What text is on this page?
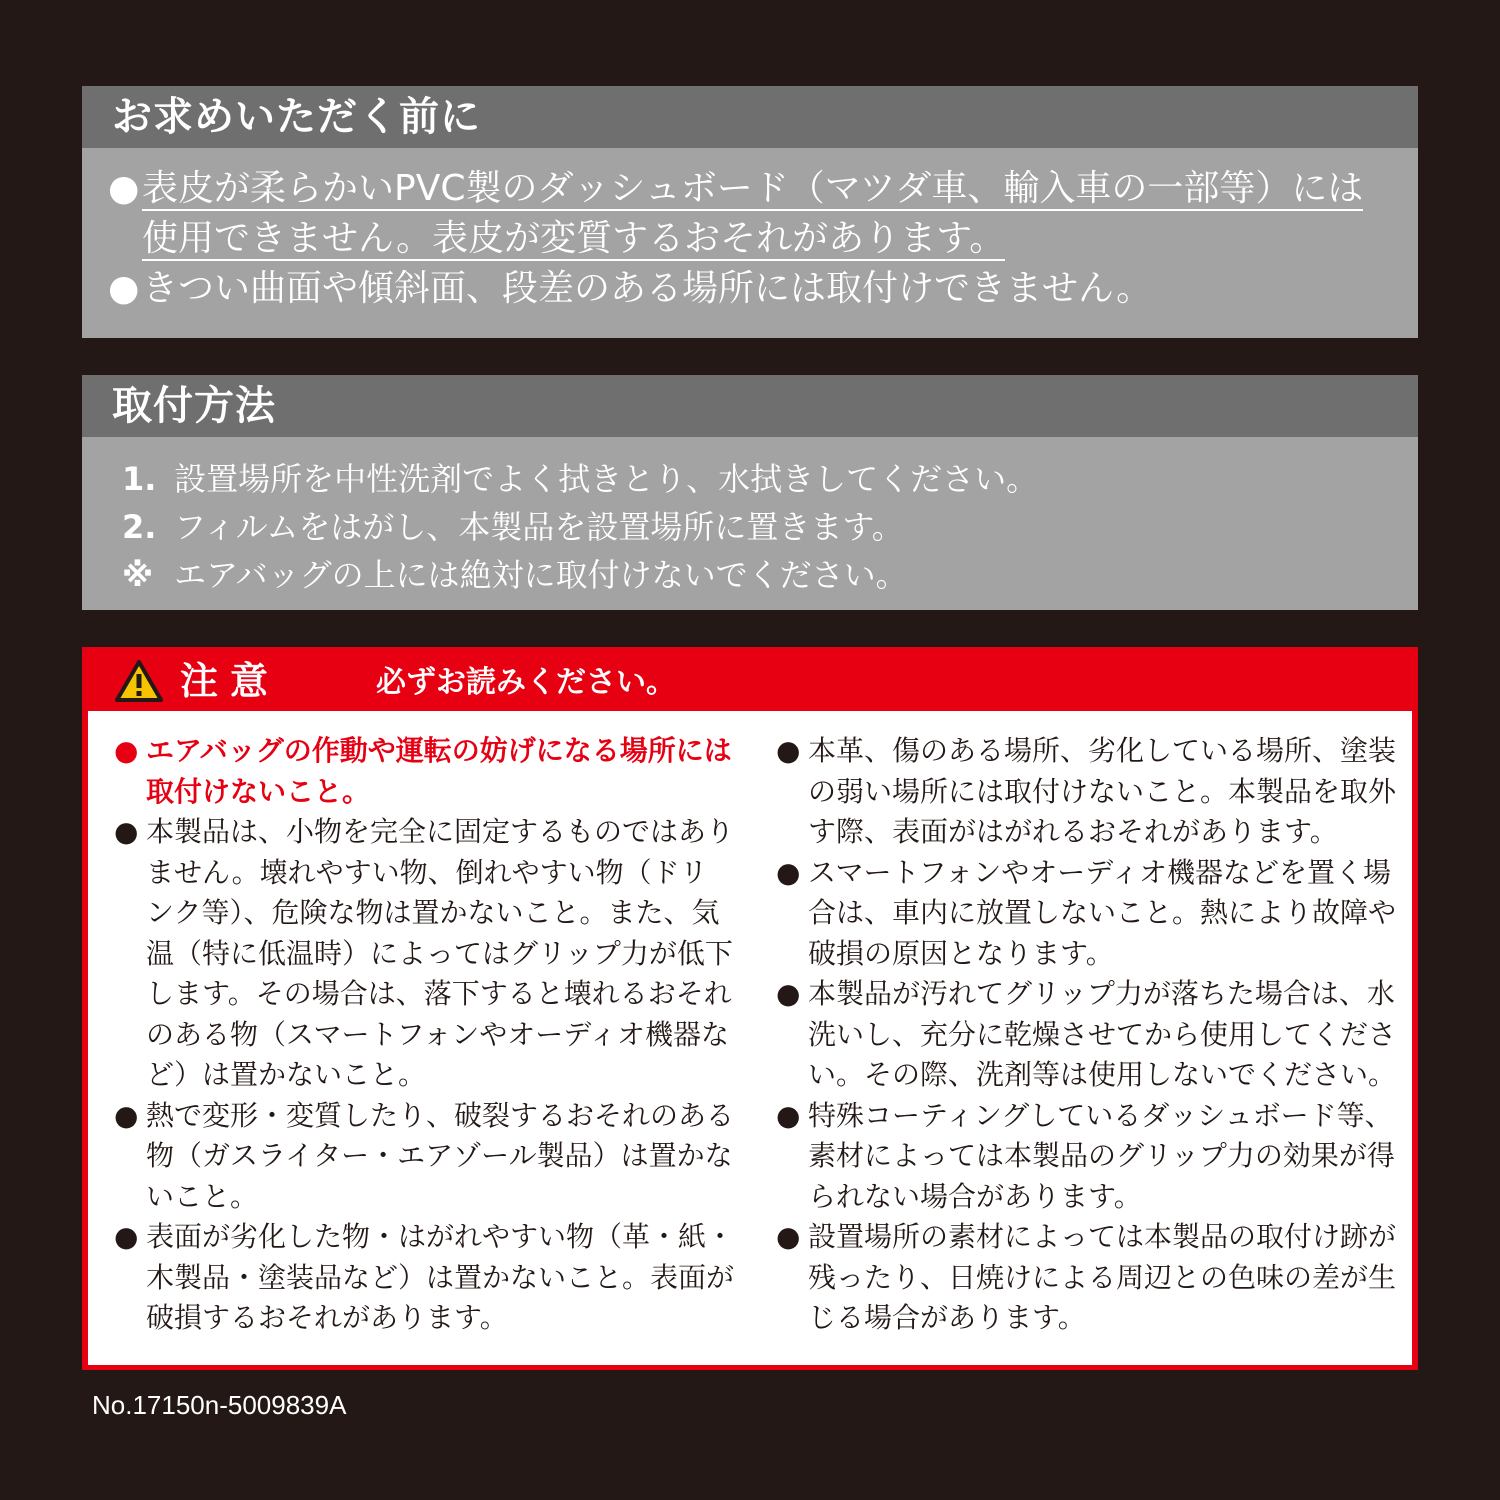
お求めいただく前に
● 表皮が柔らかいPVC製のダッシュボード（マツダ車、輸入車の一部等）には
使用できません。表皮が変質するおそれがあります。
● きつい曲面や傾斜面、段差のある場所には取付けできません。
取付方法
1. 設置場所を中性洗剤でよく拭きとり、水拭きしてください。
2. フィルムをはがし、本製品を設置場所に置きます。
※ エアバッグの上には絶対に取付けないでください。
注意	必ずお読みください。
● エアバッグの作動や運転の妨げになる場所には取付けないこと。
● 本製品は、小物を完全に固定するものではありません。壊れやすい物、倒れやすい物（ドリンク等）、危険な物は置かないこと。また、気温（特に低温時）によってはグリップ力が低下します。その場合は、落下すると壊れるおそれのある物（スマートフォンやオーディオ機器など）は置かないこと。
● 熱で変形・変質したり、破裂するおそれのある物（ガスライター・エアゾール製品）は置かないこと。
● 表面が劣化した物・はがれやすい物（革・紙・木製品・塗装品など）は置かないこと。表面が破損するおそれがあります。
● 本革、傷のある場所、劣化している場所、塗装の弱い場所には取付けないこと。本製品を取外す際、表面がはがれるおそれがあります。
● スマートフォンやオーディオ機器などを置く場合は、車内に放置しないこと。熱により故障や破損の原因となります。
● 本製品が汚れてグリップ力が落ちた場合は、水洗いし、充分に乾燥させてから使用してください。その際、洗剤等は使用しないでください。
● 特殊コーティングしているダッシュボード等、素材によっては本製品のグリップ力の効果が得られない場合があります。
● 設置場所の素材によっては本製品の取付け跡が残ったり、日焼けによる周辺との色味の差が生じる場合があります。
No.17150n-5009839A
